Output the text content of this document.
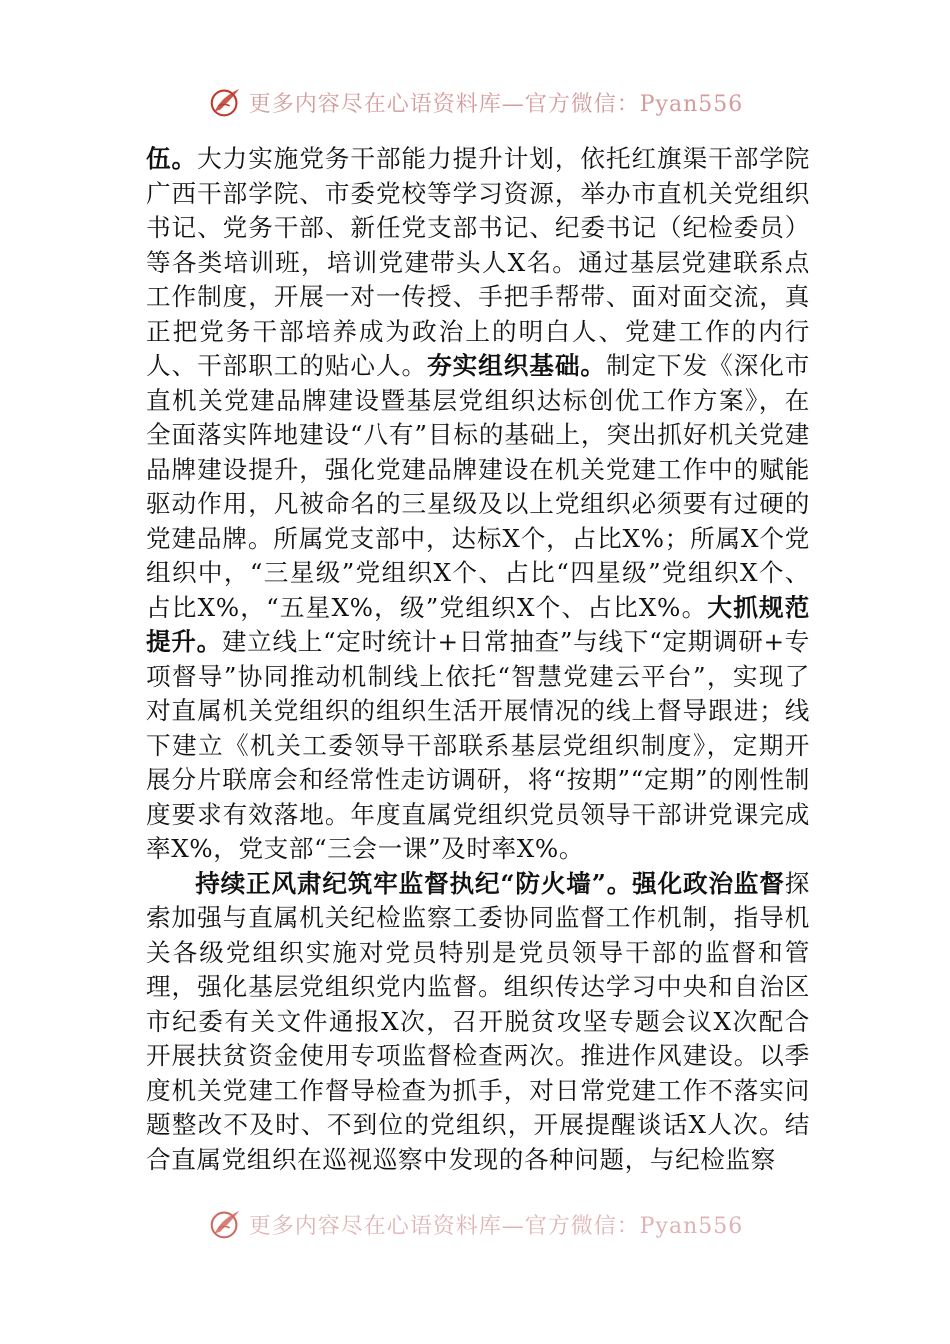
更多内容尽在心语资料库—官方微信：Pyan556

伍。大力实施党务干部能力提升计划，依托红旗渠干部学院广西干部学院、市委党校等学习资源，举办市直机关党组织书记、党务干部、新任党支部书记、纪委书记（纪检委员）等各类培训班，培训党建带头人X名。通过基层党建联系点工作制度，开展一对一传授、手把手帮带、面对面交流，真正把党务干部培养成为政治上的明白人、党建工作的内行人、干部职工的贴心人。夯实组织基础。制定下发《深化市直机关党建品牌建设暨基层党组织达标创优工作方案》，在全面落实阵地建设“八有”目标的基础上，突出抓好机关党建品牌建设提升，强化党建品牌建设在机关党建工作中的赋能驱动作用，凡被命名的三星级及以上党组织必须要有过硬的党建品牌。所属党支部中，达标X个，占比X%；所属X个党组织中，“三星级”党组织X个、占比“四星级”党组织X个、占比X%，“五星X%，级”党组织X个、占比X%。大抓规范提升。建立线上“定时统计+日常抽查”与线下“定期调研+专项督导”协同推动机制线上依托“智慧党建云平台”，实现了对直属机关党组织的组织生活开展情况的线上督导跟进；线下建立《机关工委领导干部联系基层党组织制度》，定期开展分片联席会和经常性走访调研，将“按期”“定期”的刚性制度要求有效落地。年度直属党组织党员领导干部讲党课完成率X%，党支部“三会一课”及时率X%。

持续正风肃纪筑牢监督执纪“防火墙”。强化政治监督探索加强与直属机关纪检监察工委协同监督工作机制，指导机关各级党组织实施对党员特别是党员领导干部的监督和管理，强化基层党组织党内监督。组织传达学习中央和自治区市纪委有关文件通报X次，召开脱贫攻坚专题会议X次配合开展扶贫资金使用专项监督检查两次。推进作风建设。以季度机关党建工作督导检查为抓手，对日常党建工作不落实问题整改不及时、不到位的党组织，开展提醒谈话X人次。结合直属党组织在巡视巡察中发现的各种问题，与纪检监察

更多内容尽在心语资料库—官方微信：Pyan556
